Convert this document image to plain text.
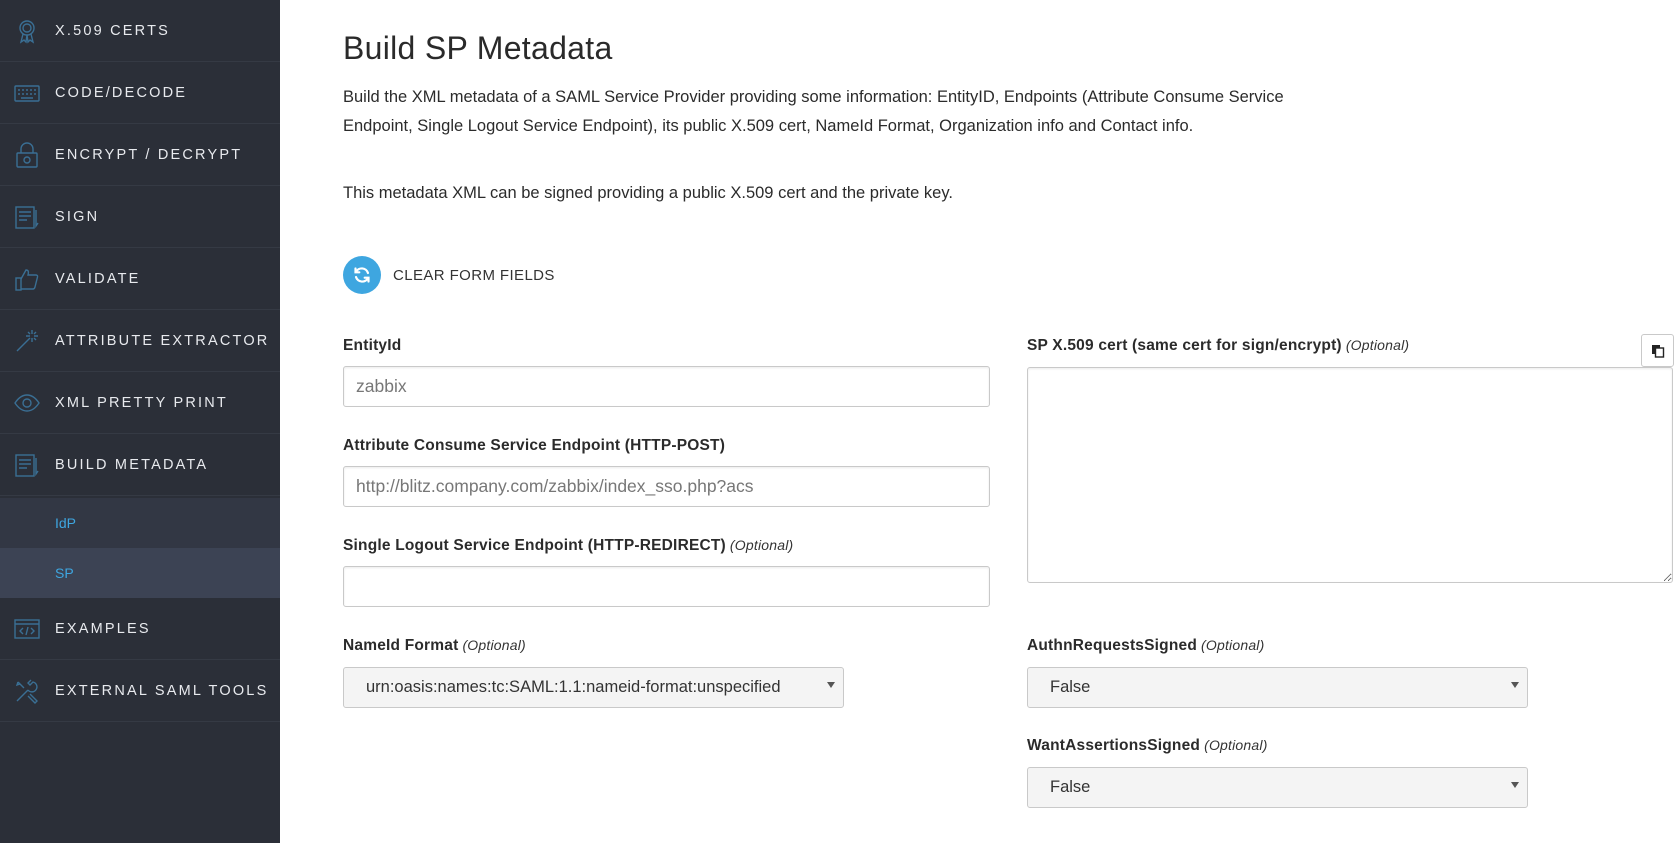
X.509 CERTS
CODE/DECODE
ENCRYPT / DECRYPT
SIGN
VALIDATE
ATTRIBUTE EXTRACTOR
XML PRETTY PRINT
BUILD METADATA
IdP
SP
EXAMPLES
EXTERNAL SAML TOOLS
Build SP Metadata

Build the XML metadata of a SAML Service Provider providing some information: EntityID, Endpoints (Attribute Consume Service Endpoint, Single Logout Service Endpoint), its public X.509 cert, NameId Format, Organization info and Contact info.

This metadata XML can be signed providing a public X.509 cert and the private key.

CLEAR FORM FIELDS
EntityId
zabbix
Attribute Consume Service Endpoint (HTTP-POST)
http://blitz.company.com/zabbix/index_sso.php?acs
Single Logout Service Endpoint (HTTP-REDIRECT) (Optional)
NameId Format (Optional)
urn:oasis:names:tc:SAML:1.1:nameid-format:unspecified
SP X.509 cert (same cert for sign/encrypt) (Optional)
AuthnRequestsSigned (Optional)
False
WantAssertionsSigned (Optional)
False
